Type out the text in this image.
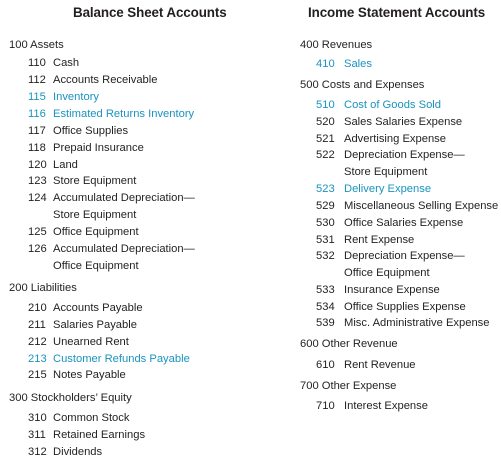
Balance Sheet Accounts
100 Assets
110 Cash
112 Accounts Receivable
115 Inventory
116 Estimated Returns Inventory
117 Office Supplies
118 Prepaid Insurance
120 Land
123 Store Equipment
124 Accumulated Depreciation—
Store Equipment
125 Office Equipment
126 Accumulated Depreciation—
Office Equipment
200 Liabilities
210 Accounts Payable
211 Salaries Payable
212 Unearned Rent
213 Customer Refunds Payable
215 Notes Payable
300 Stockholders’ Equity
310 Common Stock
311 Retained Earnings
312 Dividends
Income Statement Accounts
400 Revenues
410 Sales
500 Costs and Expenses
510 Cost of Goods Sold
520 Sales Salaries Expense
521 Advertising Expense
522 Depreciation Expense—
Store Equipment
523 Delivery Expense
529 Miscellaneous Selling Expense
530 Office Salaries Expense
531 Rent Expense
532 Depreciation Expense—
Office Equipment
533 Insurance Expense
534 Office Supplies Expense
539 Misc. Administrative Expense
600 Other Revenue
610 Rent Revenue
700 Other Expense
710 Interest Expense
